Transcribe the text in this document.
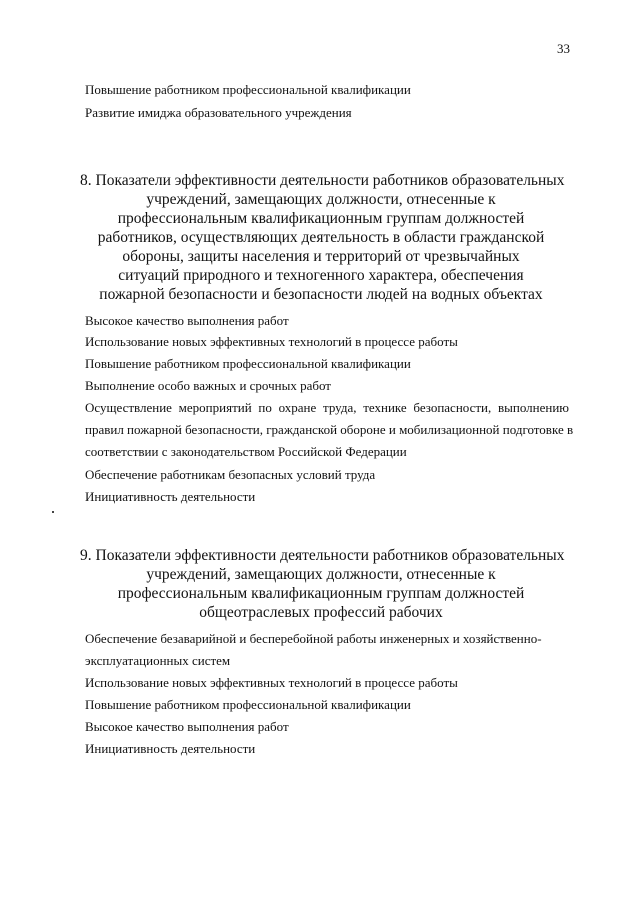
33
Повышение работником профессиональной квалификации
Развитие имиджа образовательного учреждения
8. Показатели эффективности деятельности работников образовательных
учреждений, замещающих должности, отнесенные к
профессиональным квалификационным группам должностей
работников, осуществляющих деятельность в области гражданской
обороны, защиты населения и территорий от чрезвычайных
ситуаций природного и техногенного характера, обеспечения
пожарной безопасности и безопасности людей на водных объектах
Высокое качество выполнения работ
Использование новых эффективных технологий в процессе работы
Повышение работником профессиональной квалификации
Выполнение особо важных и срочных работ
Осуществление мероприятий по охране труда, технике безопасности, выполнению
правил пожарной безопасности, гражданской обороне и мобилизационной подготовке в
соответствии с законодательством Российской Федерации
Обеспечение работникам безопасных условий труда
Инициативность деятельности
9. Показатели эффективности деятельности работников образовательных
учреждений, замещающих должности, отнесенные к
профессиональным квалификационным группам должностей
общеотраслевых профессий рабочих
Обеспечение безаварийной и бесперебойной работы инженерных и хозяйственно-
эксплуатационных систем
Использование новых эффективных технологий в процессе работы
Повышение работником профессиональной квалификации
Высокое качество выполнения работ
Инициативность деятельности
